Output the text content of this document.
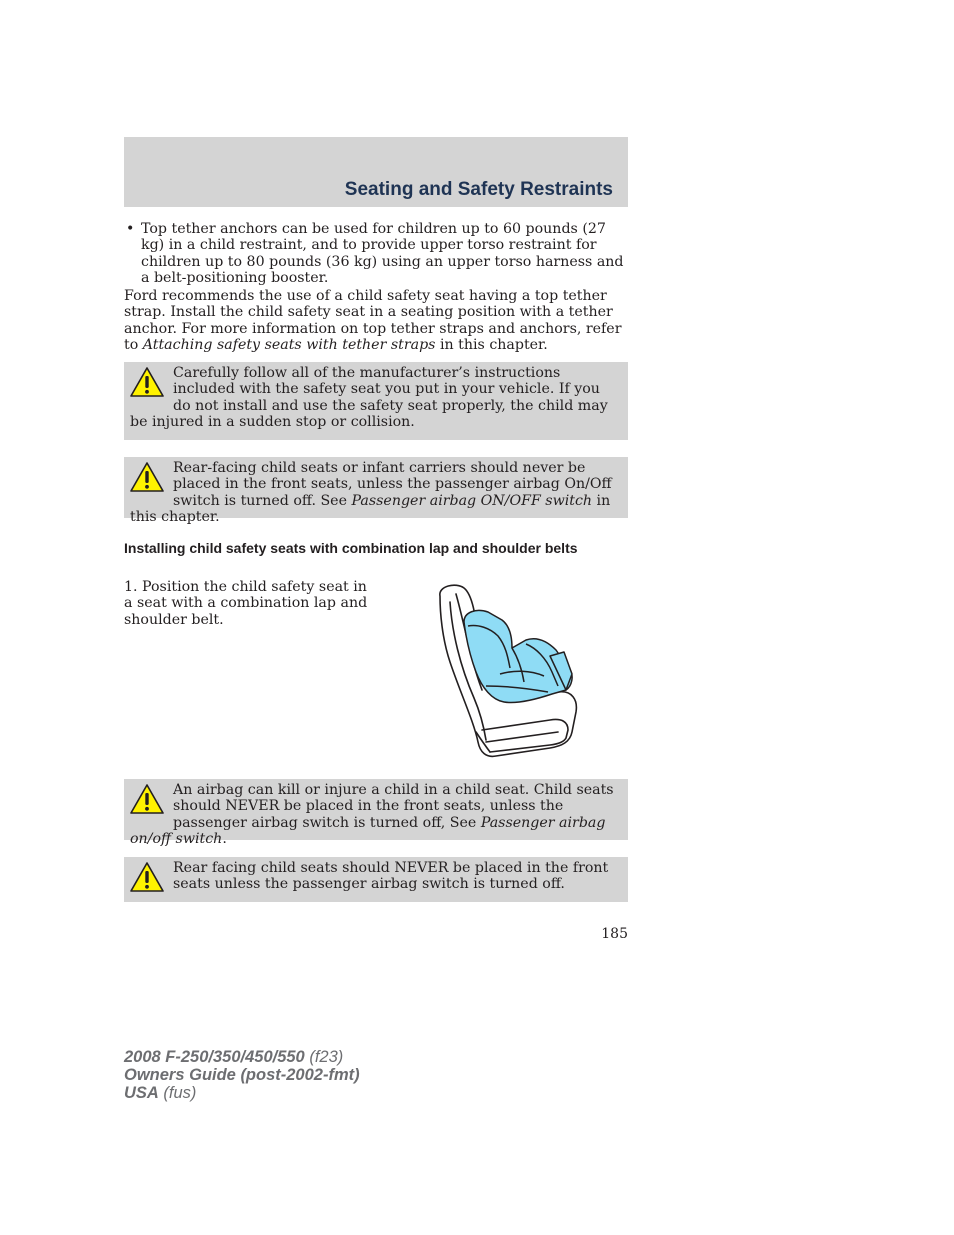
Seating and Safety Restraints
• Top tether anchors can be used for children up to 60 pounds (27 kg) in a child restraint, and to provide upper torso restraint for children up to 80 pounds (36 kg) using an upper torso harness and a belt-positioning booster.
Ford recommends the use of a child safety seat having a top tether strap. Install the child safety seat in a seating position with a tether anchor. For more information on top tether straps and anchors, refer to Attaching safety seats with tether straps in this chapter.

Carefully follow all of the manufacturer’s instructions included with the safety seat you put in your vehicle. If you do not install and use the safety seat properly, the child may be injured in a sudden stop or collision.

Rear-facing child seats or infant carriers should never be placed in the front seats, unless the passenger airbag On/Off switch is turned off. See Passenger airbag ON/OFF switch in this chapter.

Installing child safety seats with combination lap and shoulder belts
1. Position the child safety seat in a seat with a combination lap and shoulder belt.

An airbag can kill or injure a child in a child seat. Child seats should NEVER be placed in the front seats, unless the passenger airbag switch is turned off, See Passenger airbag on/off switch.

Rear facing child seats should NEVER be placed in the front seats unless the passenger airbag switch is turned off.

185
2008 F-250/350/450/550 (f23)
Owners Guide (post-2002-fmt)
USA (fus)
